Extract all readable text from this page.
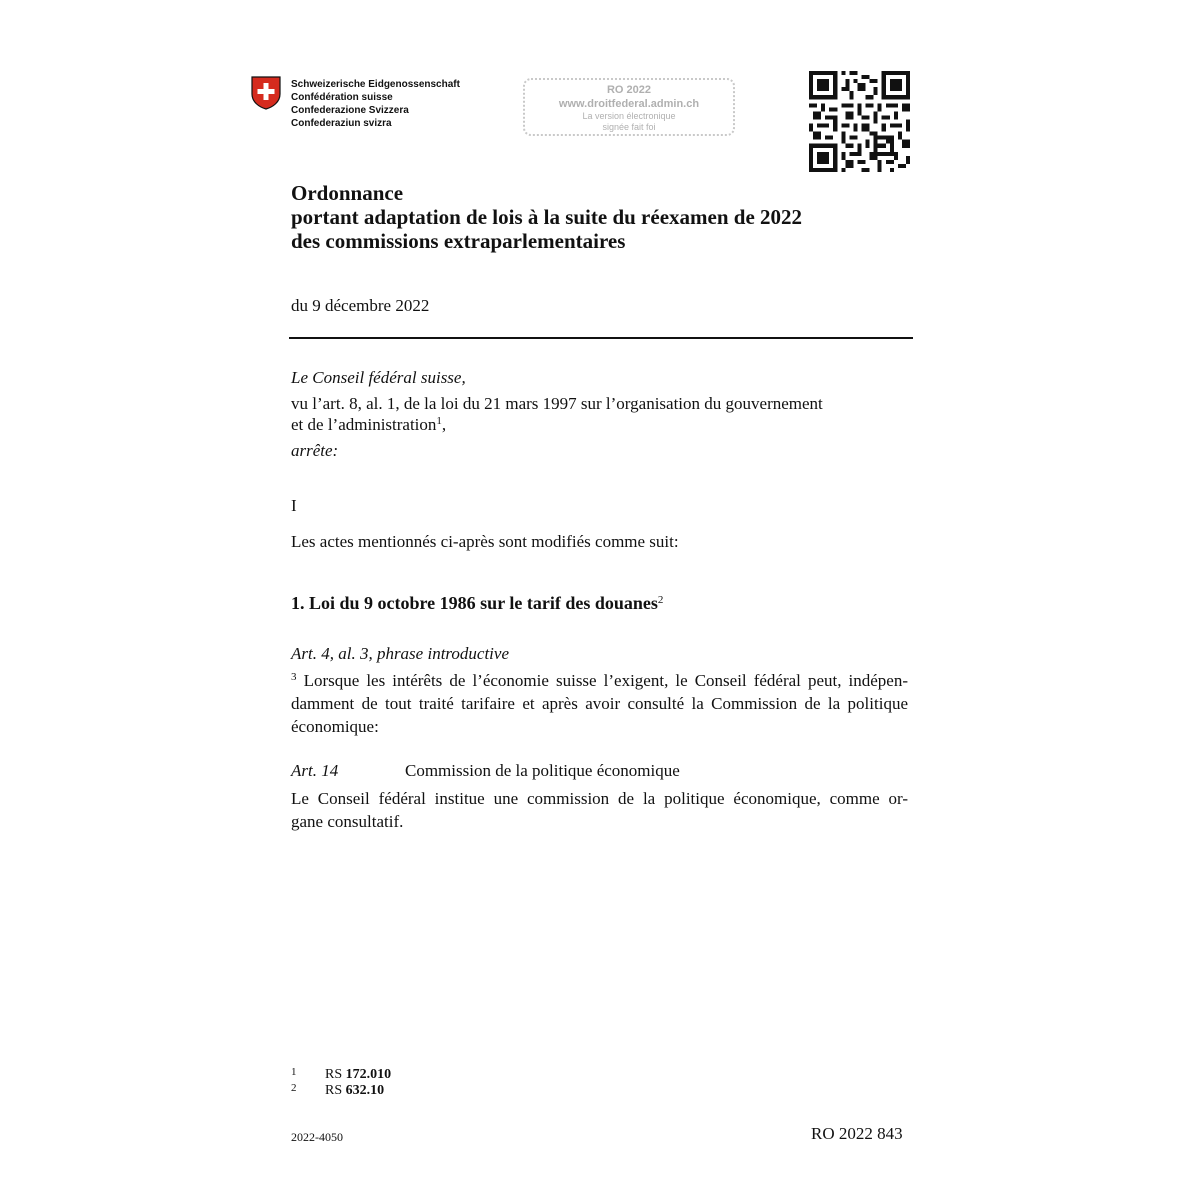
Schweizerische Eidgenossenschaft
Confédération suisse
Confederazione Svizzera
Confederaziun svizra
RO 2022
www.droitfederal.admin.ch
La version électronique
signée fait foi
Ordonnance
portant adaptation de lois à la suite du réexamen de 2022
des commissions extraparlementaires
du 9 décembre 2022
Le Conseil fédéral suisse,
vu l’art. 8, al. 1, de la loi du 21 mars 1997 sur l’organisation du gouvernement
et de l’administration$^1$,
arrête:
I
Les actes mentionnés ci-après sont modifiés comme suit:
1. Loi du 9 octobre 1986 sur le tarif des douanes$^2$
Art. 4, al. 3, phrase introductive
$^3$ Lorsque les intérêts de l’économie suisse l’exigent, le Conseil fédéral peut, indépen-
damment de tout traité tarifaire et après avoir consulté la Commission de la politique
économique:
Art. 14	Commission de la politique économique
Le Conseil fédéral institue une commission de la politique économique, comme or-
gane consultatif.
1 RS 172.010
2 RS 632.10
2022-4050	RO 2022 843
